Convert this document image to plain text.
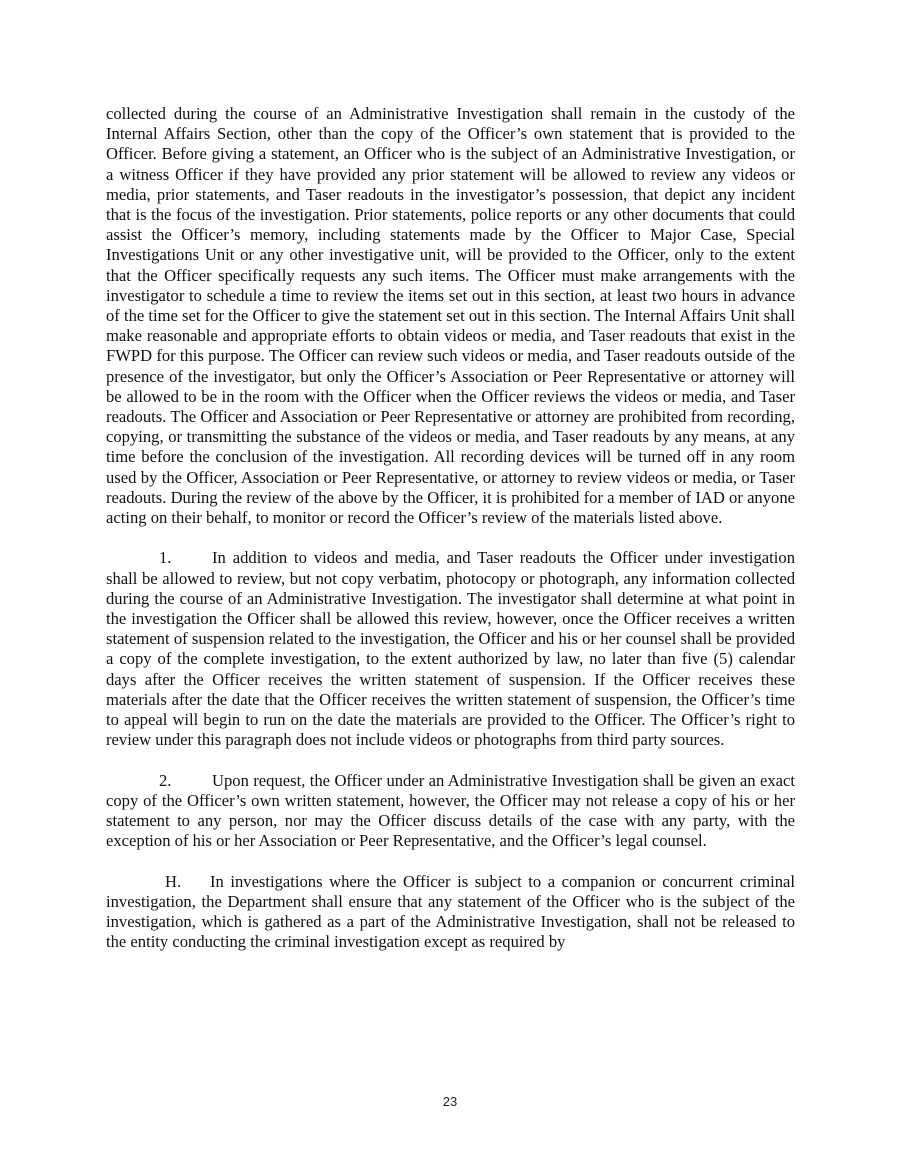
collected during the course of an Administrative Investigation shall remain in the custody of the Internal Affairs Section, other than the copy of the Officer’s own statement that is provided to the Officer. Before giving a statement, an Officer who is the subject of an Administrative Investigation, or a witness Officer if they have provided any prior statement will be allowed to review any videos or media, prior statements, and Taser readouts in the investigator’s possession, that depict any incident that is the focus of the investigation. Prior statements, police reports or any other documents that could assist the Officer’s memory, including statements made by the Officer to Major Case, Special Investigations Unit or any other investigative unit, will be provided to the Officer, only to the extent that the Officer specifically requests any such items. The Officer must make arrangements with the investigator to schedule a time to review the items set out in this section, at least two hours in advance of the time set for the Officer to give the statement set out in this section. The Internal Affairs Unit shall make reasonable and appropriate efforts to obtain videos or media, and Taser readouts that exist in the FWPD for this purpose. The Officer can review such videos or media, and Taser readouts outside of the presence of the investigator, but only the Officer’s Association or Peer Representative or attorney will be allowed to be in the room with the Officer when the Officer reviews the videos or media, and Taser readouts. The Officer and Association or Peer Representative or attorney are prohibited from recording, copying, or transmitting the substance of the videos or media, and Taser readouts by any means, at any time before the conclusion of the investigation. All recording devices will be turned off in any room used by the Officer, Association or Peer Representative, or attorney to review videos or media, or Taser readouts. During the review of the above by the Officer, it is prohibited for a member of IAD or anyone acting on their behalf, to monitor or record the Officer’s review of the materials listed above.

1. In addition to videos and media, and Taser readouts the Officer under investigation shall be allowed to review, but not copy verbatim, photocopy or photograph, any information collected during the course of an Administrative Investigation. The investigator shall determine at what point in the investigation the Officer shall be allowed this review, however, once the Officer receives a written statement of suspension related to the investigation, the Officer and his or her counsel shall be provided a copy of the complete investigation, to the extent authorized by law, no later than five (5) calendar days after the Officer receives the written statement of suspension. If the Officer receives these materials after the date that the Officer receives the written statement of suspension, the Officer’s time to appeal will begin to run on the date the materials are provided to the Officer. The Officer’s right to review under this paragraph does not include videos or photographs from third party sources.

2. Upon request, the Officer under an Administrative Investigation shall be given an exact copy of the Officer’s own written statement, however, the Officer may not release a copy of his or her statement to any person, nor may the Officer discuss details of the case with any party, with the exception of his or her Association or Peer Representative, and the Officer’s legal counsel.

H. In investigations where the Officer is subject to a companion or concurrent criminal investigation, the Department shall ensure that any statement of the Officer who is the subject of the investigation, which is gathered as a part of the Administrative Investigation, shall not be released to the entity conducting the criminal investigation except as required by

23
